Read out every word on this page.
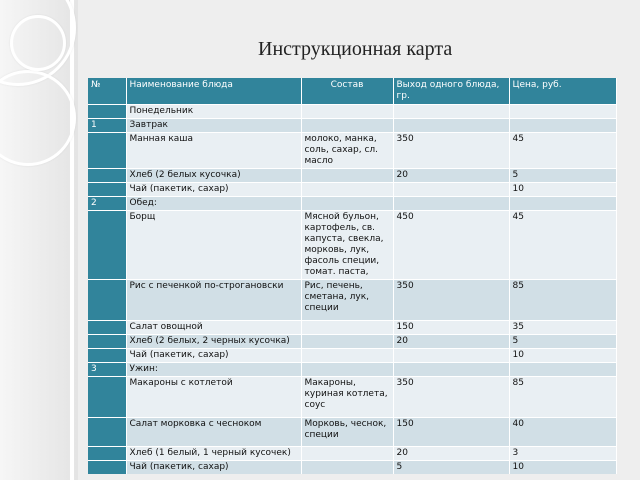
Инструкционная карта
№	Наименование блюда	Состав	Выход одного блюда, гр.	Цена, руб.
	Понедельник			
1	Завтрак			
	Манная каша	молоко, манка, соль, сахар, сл. масло	350	45
	Хлеб (2 белых кусочка)		20	5
	Чай (пакетик, сахар)			10
2	Обед:			
	Борщ	Мясной бульон, картофель, св. капуста, свекла, морковь, лук, фасоль специи, томат. паста,	450	45
	Рис с печенкой по-строгановски	Рис, печень, сметана, лук, специи	350	85
	Салат овощной		150	35
	Хлеб (2 белых, 2 черных кусочка)		20	5
	Чай (пакетик, сахар)			10
3	Ужин:			
	Макароны с котлетой	Макароны, куриная котлета, соус	350	85
	Салат морковка с чесноком	Морковь, чеснок, специи	150	40
	Хлеб (1 белый, 1 черный кусочек)		20	3
	Чай (пакетик, сахар)		5	10
